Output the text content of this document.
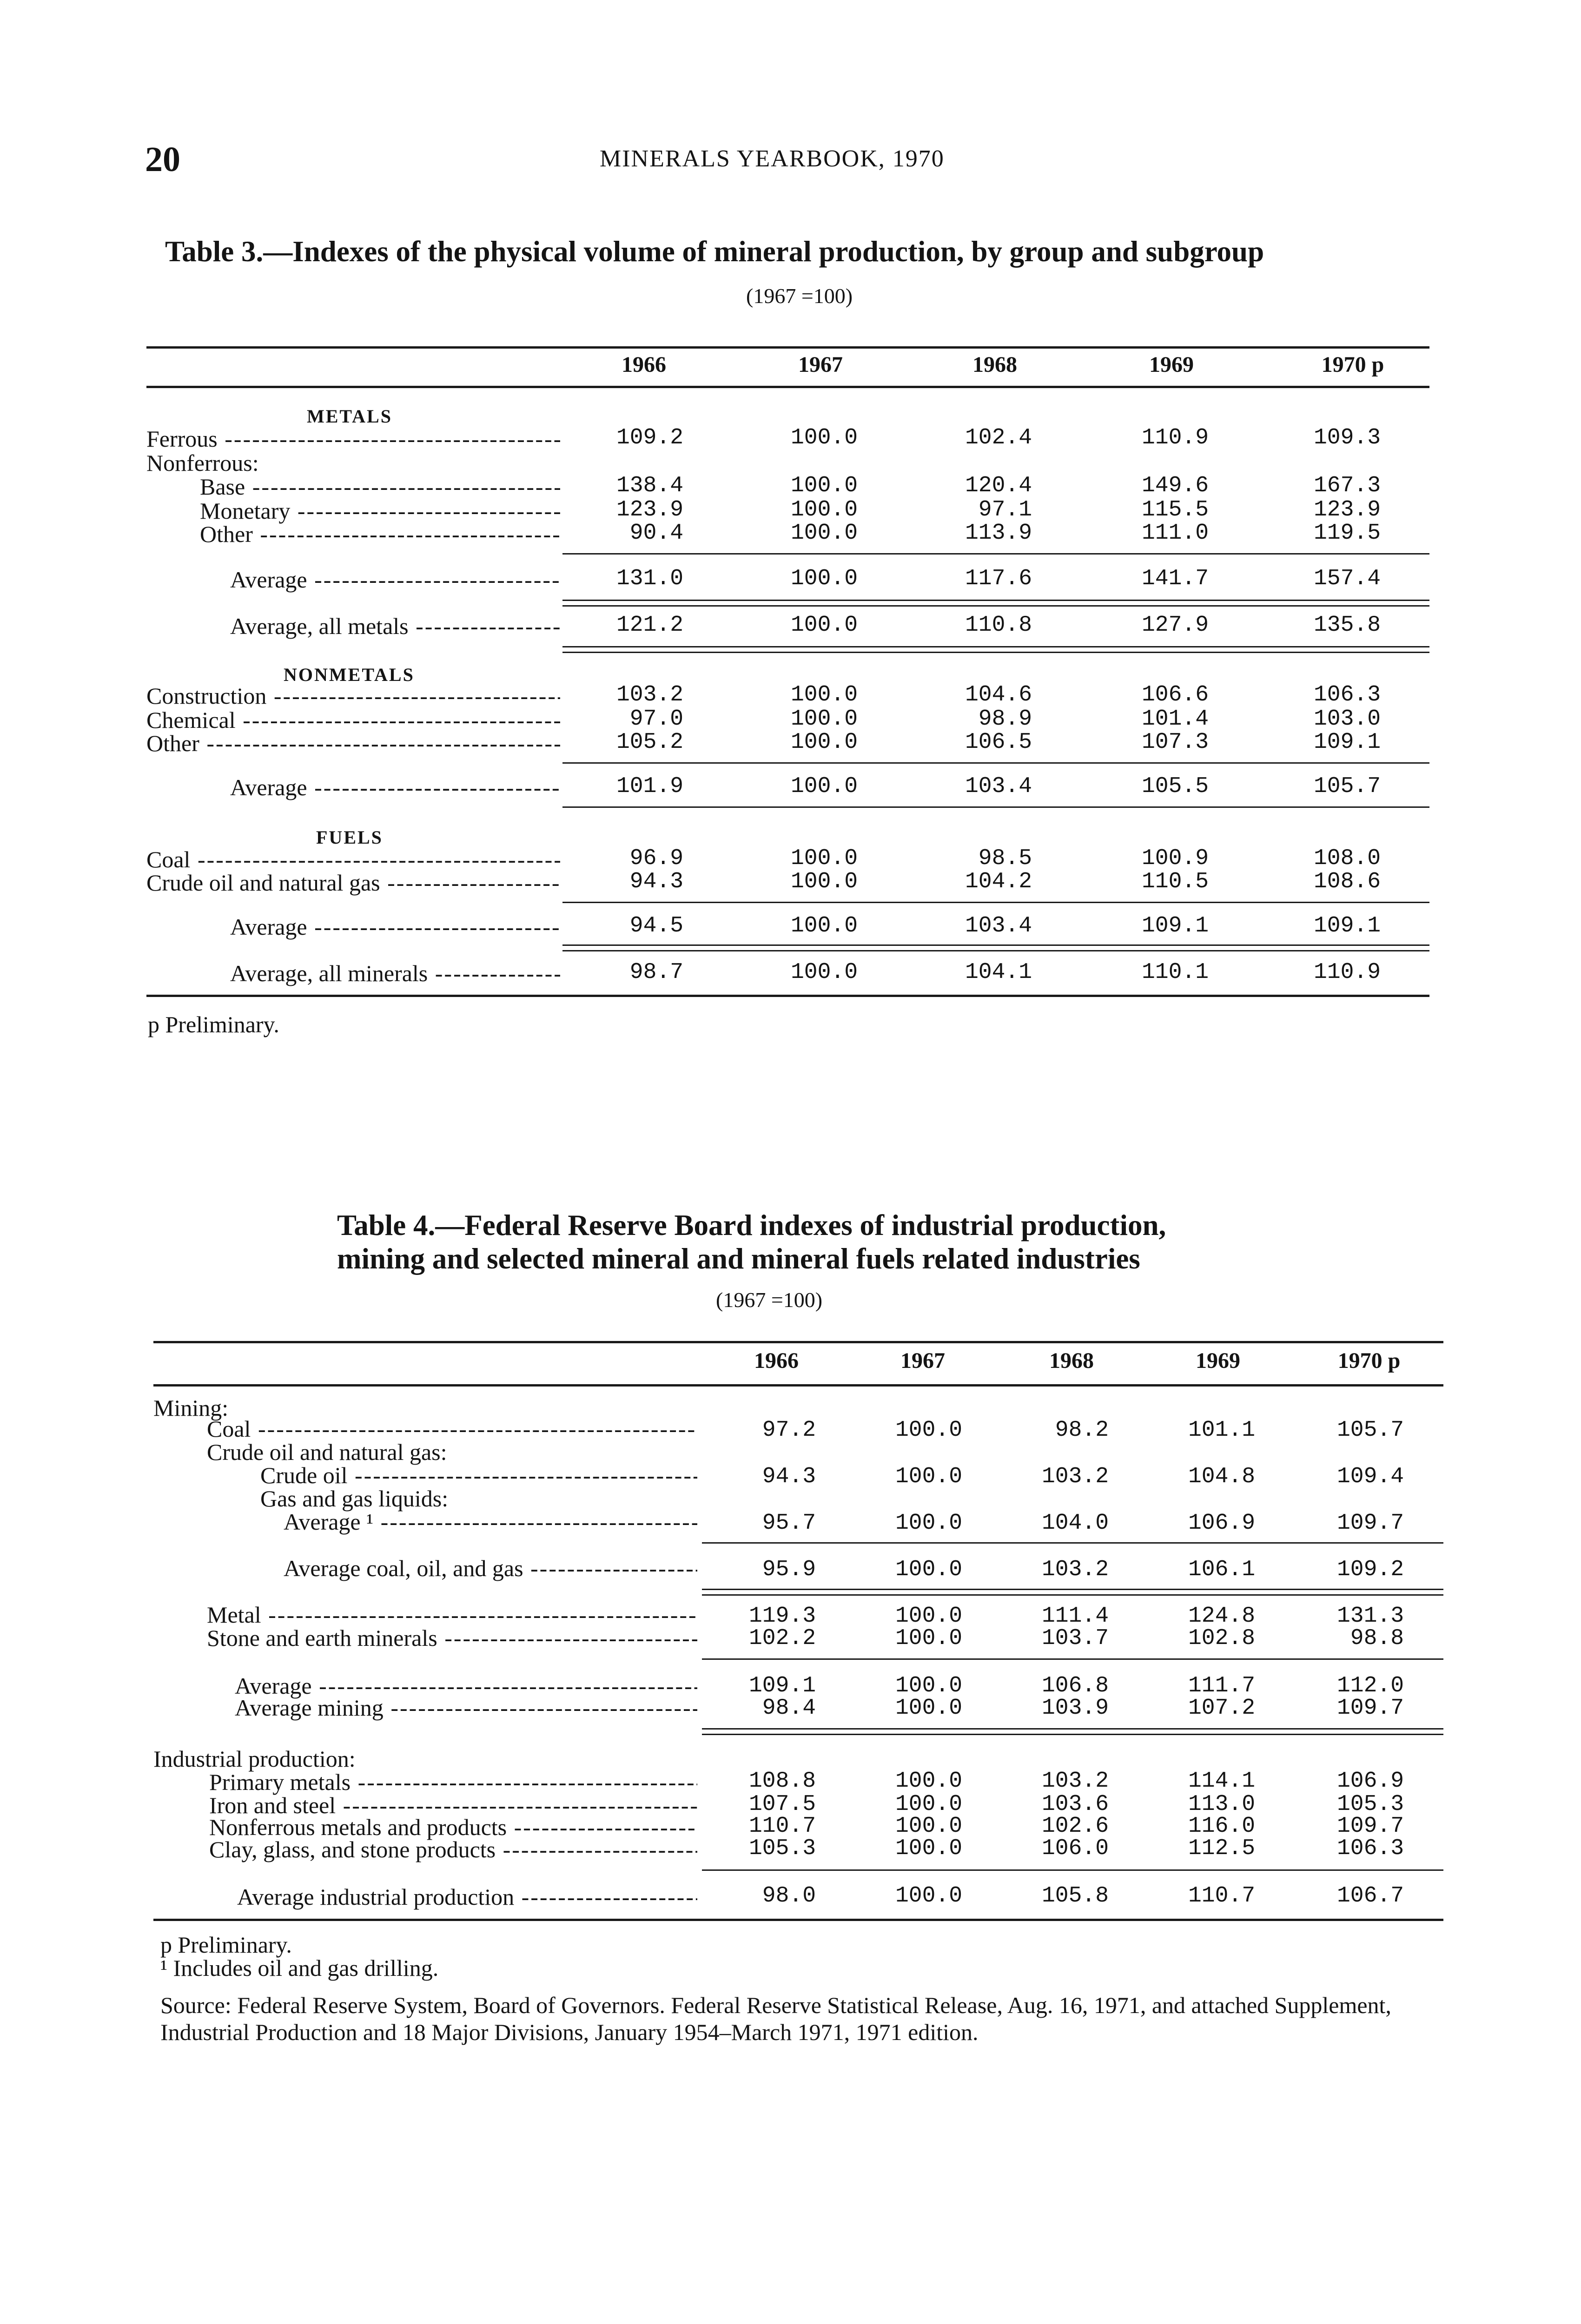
20	MINERALS YEARBOOK, 1970
Table 3.—Indexes of the physical volume of mineral production, by group and subgroup
(1967 =100)
1966	1967	1968	1969	1970 p
METALS
Ferrous -----	109.2	100.0	102.4	110.9	109.3
Nonferrous:
Base -----	138.4	100.0	120.4	149.6	167.3
Monetary -----	123.9	100.0	97.1	115.5	123.9
Other -----	90.4	100.0	113.9	111.0	119.5
Average -----	131.0	100.0	117.6	141.7	157.4
Average, all metals -----	121.2	100.0	110.8	127.9	135.8
NONMETALS
Construction -----	103.2	100.0	104.6	106.6	106.3
Chemical -----	97.0	100.0	98.9	101.4	103.0
Other -----	105.2	100.0	106.5	107.3	109.1
Average -----	101.9	100.0	103.4	105.5	105.7
FUELS
Coal -----	96.9	100.0	98.5	100.9	108.0
Crude oil and natural gas -----	94.3	100.0	104.2	110.5	108.6
Average -----	94.5	100.0	103.4	109.1	109.1
Average, all minerals -----	98.7	100.0	104.1	110.1	110.9
p Preliminary.
Table 4.—Federal Reserve Board indexes of industrial production,
mining and selected mineral and mineral fuels related industries
(1967 =100)
1966	1967	1968	1969	1970 p
Mining:
Coal -----	97.2	100.0	98.2	101.1	105.7
Crude oil and natural gas:
Crude oil -----	94.3	100.0	103.2	104.8	109.4
Gas and gas liquids:
Average ¹ -----	95.7	100.0	104.0	106.9	109.7
Average coal, oil, and gas -----	95.9	100.0	103.2	106.1	109.2
Metal -----	119.3	100.0	111.4	124.8	131.3
Stone and earth minerals -----	102.2	100.0	103.7	102.8	98.8
Average -----	109.1	100.0	106.8	111.7	112.0
Average mining -----	98.4	100.0	103.9	107.2	109.7
Industrial production:
Primary metals -----	108.8	100.0	103.2	114.1	106.9
Iron and steel -----	107.5	100.0	103.6	113.0	105.3
Nonferrous metals and products -----	110.7	100.0	102.6	116.0	109.7
Clay, glass, and stone products -----	105.3	100.0	106.0	112.5	106.3
Average industrial production -----	98.0	100.0	105.8	110.7	106.7
p Preliminary.
¹ Includes oil and gas drilling.
Source: Federal Reserve System, Board of Governors. Federal Reserve Statistical Release, Aug. 16, 1971, and attached Supplement, Industrial Production and 18 Major Divisions, January 1954–March 1971, 1971 edition.
